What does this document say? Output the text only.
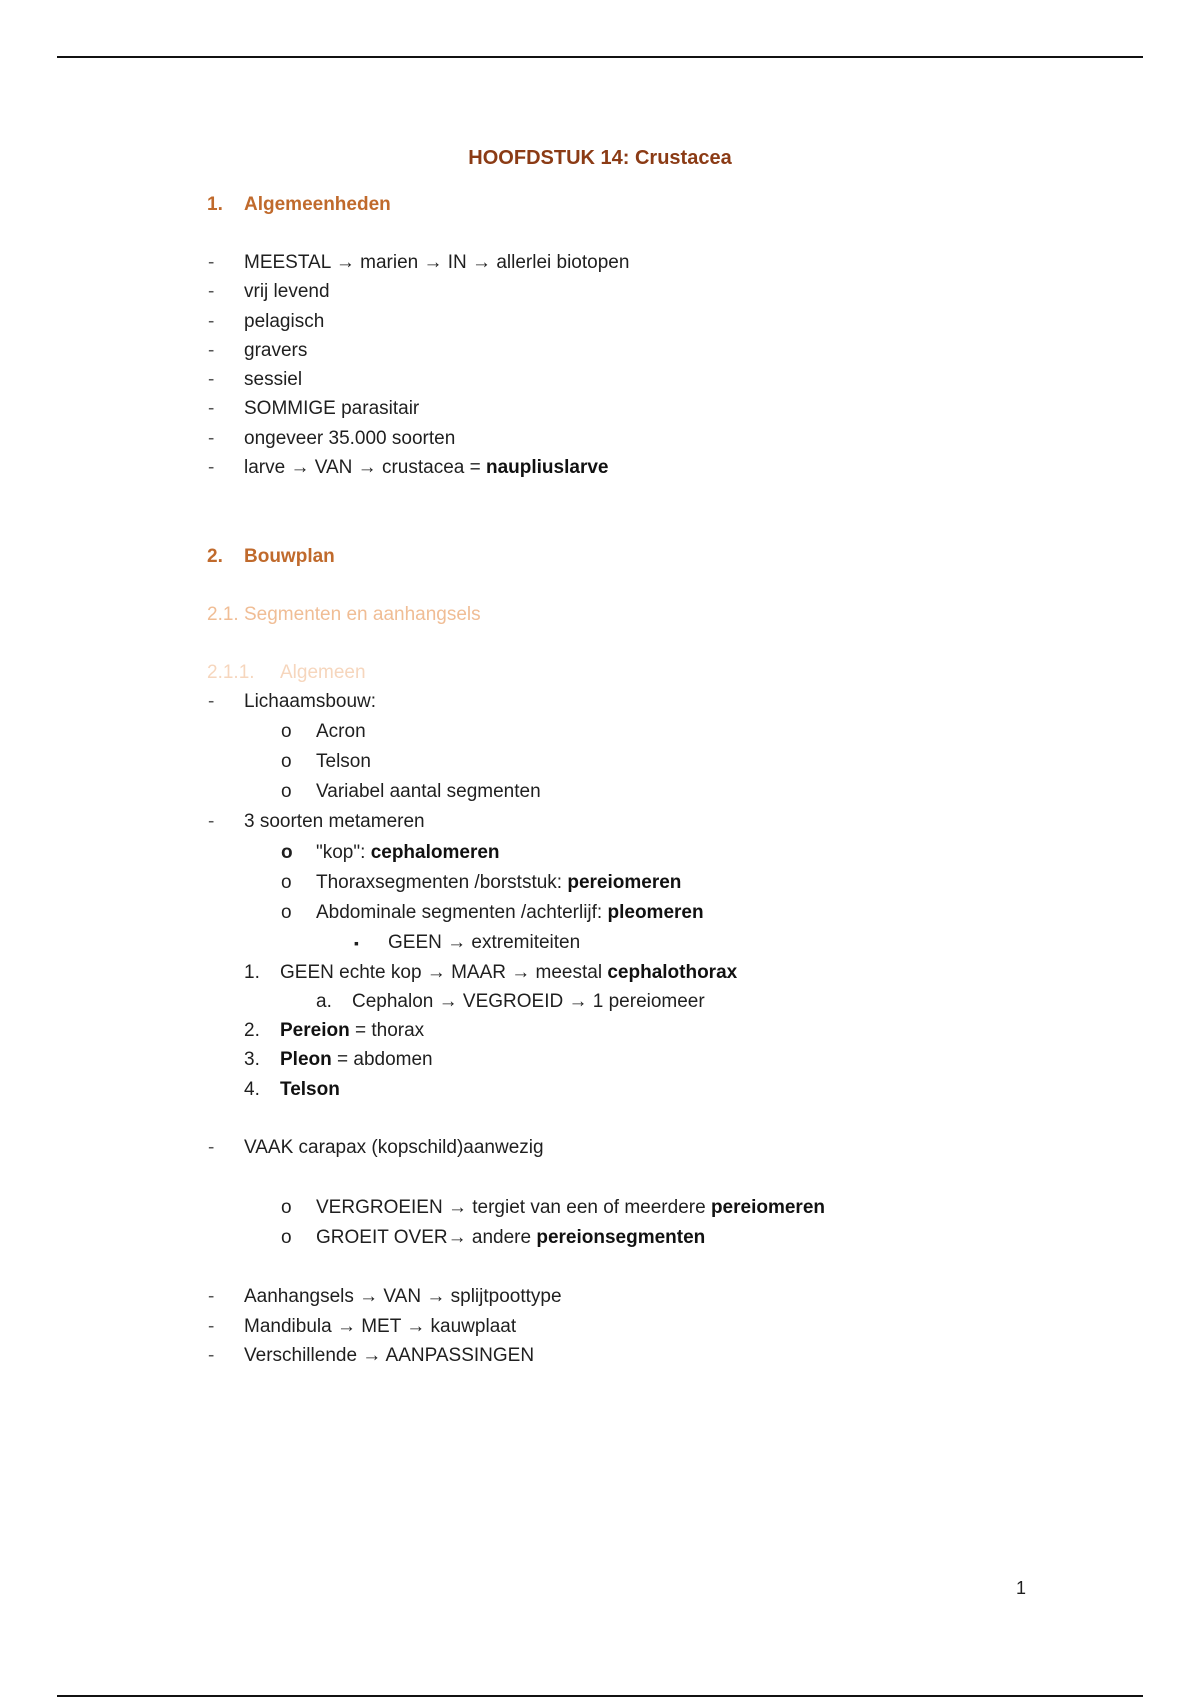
HOOFDSTUK 14: Crustacea
1. Algemeenheden
- MEESTAL → marien → IN → allerlei biotopen
- vrij levend
- pelagisch
- gravers
- sessiel
- SOMMIGE parasitair
- ongeveer 35.000 soorten
- larve → VAN → crustacea = naupliuslarve
2. Bouwplan
2.1. Segmenten en aanhangsels
2.1.1. Algemeen
- Lichaamsbouw:
o Acron
o Telson
o Variabel aantal segmenten
- 3 soorten metameren
o "kop": cephalomeren
o Thoraxsegmenten /borststuk: pereiomeren
o Abdominale segmenten /achterlijf: pleomeren
▪ GEEN → extremiteiten
1. GEEN echte kop → MAAR → meestal cephalothorax
a. Cephalon → VEGROEID → 1 pereiomeer
2. Pereion = thorax
3. Pleon = abdomen
4. Telson
- VAAK carapax (kopschild)aanwezig
o VERGROEIEN → tergiet van een of meerdere pereiomeren
o GROEIT OVER→ andere pereionsegmenten
- Aanhangsels → VAN → splijtpoottype
- Mandibula → MET → kauwplaat
- Verschillende → AANPASSINGEN
1
